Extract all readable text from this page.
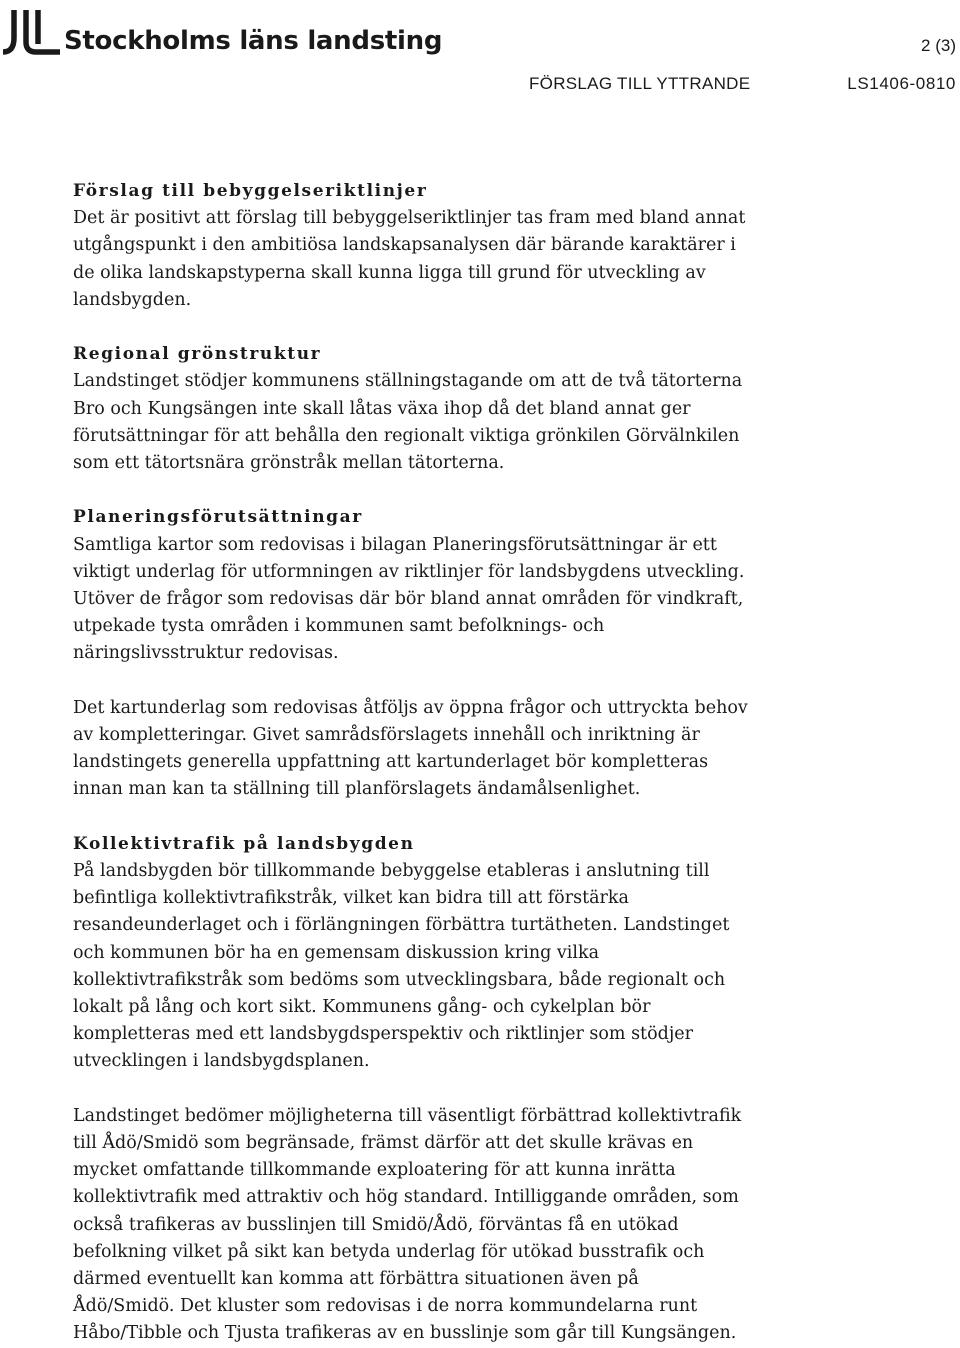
Stockholms läns landsting	2 (3)
FÖRSLAG TILL YTTRANDE	LS1406-0810
Förslag till bebyggelseriktlinjer

Det är positivt att förslag till bebyggelseriktlinjer tas fram med bland annat
utgångspunkt i den ambitiösa landskapsanalysen där bärande karaktärer i
de olika landskapstyperna skall kunna ligga till grund för utveckling av
landsbygden.

Regional grönstruktur

Landstinget stödjer kommunens ställningstagande om att de två tätorterna
Bro och Kungsängen inte skall låtas växa ihop då det bland annat ger
förutsättningar för att behålla den regionalt viktiga grönkilen Görvälnkilen
som ett tätortsnära grönstråk mellan tätorterna.

Planeringsförutsättningar

Samtliga kartor som redovisas i bilagan Planeringsförutsättningar är ett
viktigt underlag för utformningen av riktlinjer för landsbygdens utveckling.
Utöver de frågor som redovisas där bör bland annat områden för vindkraft,
utpekade tysta områden i kommunen samt befolknings- och
näringslivsstruktur redovisas.

Det kartunderlag som redovisas åtföljs av öppna frågor och uttryckta behov
av kompletteringar. Givet samrådsförslagets innehåll och inriktning är
landstingets generella uppfattning att kartunderlaget bör kompletteras
innan man kan ta ställning till planförslagets ändamålsenlighet.

Kollektivtrafik på landsbygden

På landsbygden bör tillkommande bebyggelse etableras i anslutning till
befintliga kollektivtrafikstråk, vilket kan bidra till att förstärka
resandeunderlaget och i förlängningen förbättra turtätheten. Landstinget
och kommunen bör ha en gemensam diskussion kring vilka
kollektivtrafikstråk som bedöms som utvecklingsbara, både regionalt och
lokalt på lång och kort sikt. Kommunens gång- och cykelplan bör
kompletteras med ett landsbygdsperspektiv och riktlinjer som stödjer
utvecklingen i landsbygdsplanen.

Landstinget bedömer möjligheterna till väsentligt förbättrad kollektivtrafik
till Ådö/Smidö som begränsade, främst därför att det skulle krävas en
mycket omfattande tillkommande exploatering för att kunna inrätta
kollektivtrafik med attraktiv och hög standard. Intilliggande områden, som
också trafikeras av busslinjen till Smidö/Ådö, förväntas få en utökad
befolkning vilket på sikt kan betyda underlag för utökad busstrafik och
därmed eventuellt kan komma att förbättra situationen även på
Ådö/Smidö. Det kluster som redovisas i de norra kommundelarna runt
Håbo/Tibble och Tjusta trafikeras av en busslinje som går till Kungsängen.
